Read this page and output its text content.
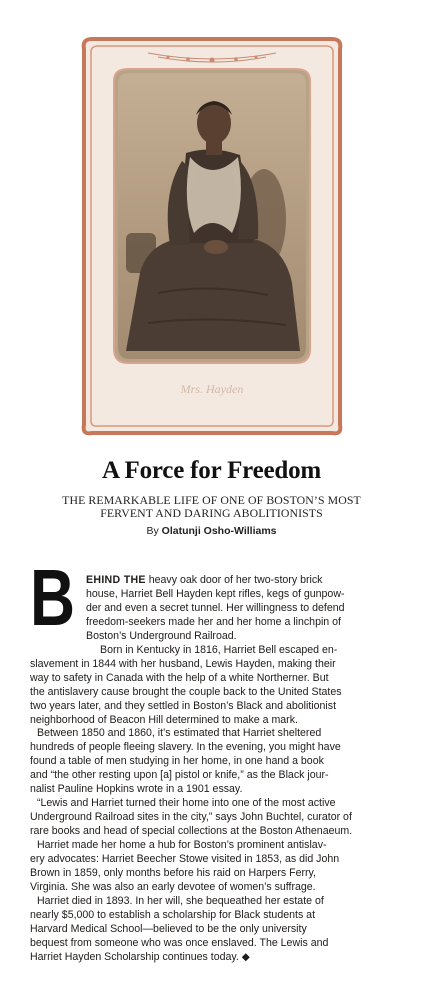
Mrs. Hayden
A Force for Freedom
THE REMARKABLE LIFE OF ONE OF BOSTON’S MOST
FERVENT AND DARING ABOLITIONISTS
By Olatunji Osho-Williams
B	EHIND THE heavy oak door of her two-story brick
house, Harriet Bell Hayden kept rifles, kegs of gunpow-
der and even a secret tunnel. Her willingness to defend
freedom-seekers made her and her home a linchpin of
Boston’s Underground Railroad.
Born in Kentucky in 1816, Harriet Bell escaped en-
slavement in 1844 with her husband, Lewis Hayden, making their
way to safety in Canada with the help of a white Northerner. But
the antislavery cause brought the couple back to the United States
two years later, and they settled in Boston’s Black and abolitionist
neighborhood of Beacon Hill determined to make a mark.
Between 1850 and 1860, it’s estimated that Harriet sheltered
hundreds of people fleeing slavery. In the evening, you might have
found a table of men studying in her home, in one hand a book
and “the other resting upon [a] pistol or knife,” as the Black jour-
nalist Pauline Hopkins wrote in a 1901 essay.
“Lewis and Harriet turned their home into one of the most active
Underground Railroad sites in the city,” says John Buchtel, curator of
rare books and head of special collections at the Boston Athenaeum.
Harriet made her home a hub for Boston’s prominent antislav-
ery advocates: Harriet Beecher Stowe visited in 1853, as did John
Brown in 1859, only months before his raid on Harpers Ferry,
Virginia. She was also an early devotee of women’s suffrage.
Harriet died in 1893. In her will, she bequeathed her estate of
nearly $5,000 to establish a scholarship for Black students at
Harvard Medical School—believed to be the only university
bequest from someone who was once enslaved. The Lewis and
Harriet Hayden Scholarship continues today. ◆
